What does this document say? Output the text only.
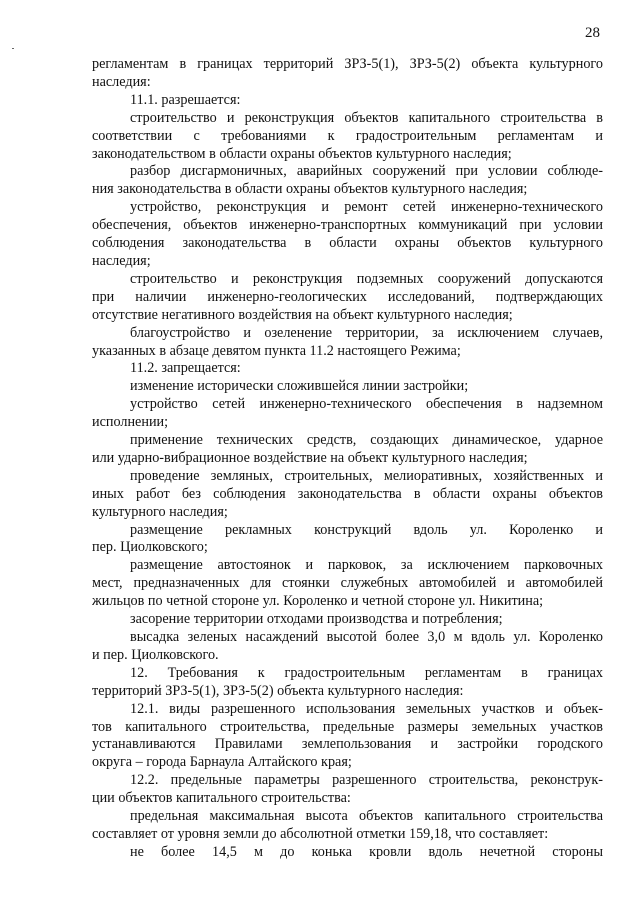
28
регламентам в границах территорий ЗРЗ-5(1), ЗРЗ-5(2) объекта культурного
наследия:
11.1. разрешается:
строительство и реконструкция объектов капитального строительства в
соответствии с требованиями к градостроительным регламентам и
законодательством в области охраны объектов культурного наследия;
разбор дисгармоничных, аварийных сооружений при условии соблюде-
ния законодательства в области охраны объектов культурного наследия;
устройство, реконструкция и ремонт сетей инженерно-технического
обеспечения, объектов инженерно-транспортных коммуникаций при условии
соблюдения законодательства в области охраны объектов культурного
наследия;
строительство и реконструкция подземных сооружений допускаются
при наличии инженерно-геологических исследований, подтверждающих
отсутствие негативного воздействия на объект культурного наследия;
благоустройство и озеленение территории, за исключением случаев,
указанных в абзаце девятом пункта 11.2 настоящего Режима;
11.2. запрещается:
изменение исторически сложившейся линии застройки;
устройство сетей инженерно-технического обеспечения в надземном
исполнении;
применение технических средств, создающих динамическое, ударное
или ударно-вибрационное воздействие на объект культурного наследия;
проведение земляных, строительных, мелиоративных, хозяйственных и
иных работ без соблюдения законодательства в области охраны объектов
культурного наследия;
размещение рекламных конструкций вдоль ул. Короленко и
пер. Циолковского;
размещение автостоянок и парковок, за исключением парковочных
мест, предназначенных для стоянки служебных автомобилей и автомобилей
жильцов по четной стороне ул. Короленко и четной стороне ул. Никитина;
засорение территории отходами производства и потребления;
высадка зеленых насаждений высотой более 3,0 м вдоль ул. Короленко
и пер. Циолковского.
12. Требования к градостроительным регламентам в границах
территорий ЗРЗ-5(1), ЗРЗ-5(2) объекта культурного наследия:
12.1. виды разрешенного использования земельных участков и объек-
тов капитального строительства, предельные размеры земельных участков
устанавливаются Правилами землепользования и застройки городского
округа – города Барнаула Алтайского края;
12.2. предельные параметры разрешенного строительства, реконструк-
ции объектов капитального строительства:
предельная максимальная высота объектов капитального строительства
составляет от уровня земли до абсолютной отметки 159,18, что составляет:
не более 14,5 м до конька кровли вдоль нечетной стороны
